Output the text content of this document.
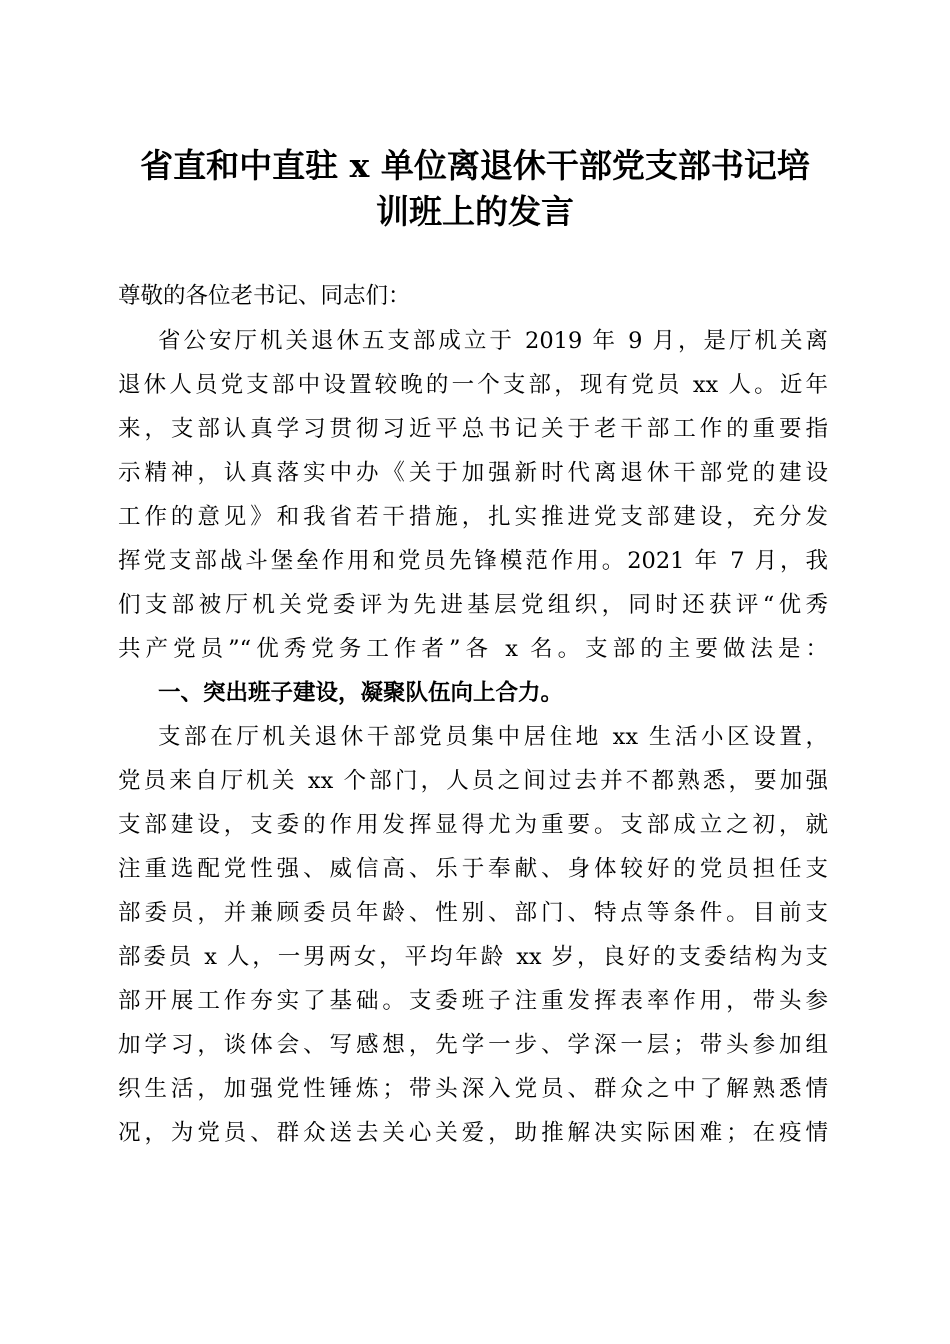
省直和中直驻 x 单位离退休干部党支部书记培
训班上的发言

尊敬的各位老书记、同志们：

省公安厅机关退休五支部成立于 2019 年 9 月，是厅机关离

退休人员党支部中设置较晚的一个支部，现有党员 xx 人。近年

来，支部认真学习贯彻习近平总书记关于老干部工作的重要指

示精神，认真落实中办《关于加强新时代离退休干部党的建设

工作的意见》和我省若干措施，扎实推进党支部建设，充分发

挥党支部战斗堡垒作用和党员先锋模范作用。2021 年 7 月，我

们支部被厅机关党委评为先进基层党组织，同时还获评“优秀

共产党员”“优秀党务工作者”各 x 名。支部的主要做法是：

一、突出班子建设，凝聚队伍向上合力。

支部在厅机关退休干部党员集中居住地 xx 生活小区设置，

党员来自厅机关 xx 个部门，人员之间过去并不都熟悉，要加强

支部建设，支委的作用发挥显得尤为重要。支部成立之初，就

注重选配党性强、威信高、乐于奉献、身体较好的党员担任支

部委员，并兼顾委员年龄、性别、部门、特点等条件。目前支

部委员 x 人，一男两女，平均年龄 xx 岁，良好的支委结构为支

部开展工作夯实了基础。支委班子注重发挥表率作用，带头参

加学习，谈体会、写感想，先学一步、学深一层；带头参加组

织生活，加强党性锤炼；带头深入党员、群众之中了解熟悉情

况，为党员、群众送去关心关爱，助推解决实际困难；在疫情
